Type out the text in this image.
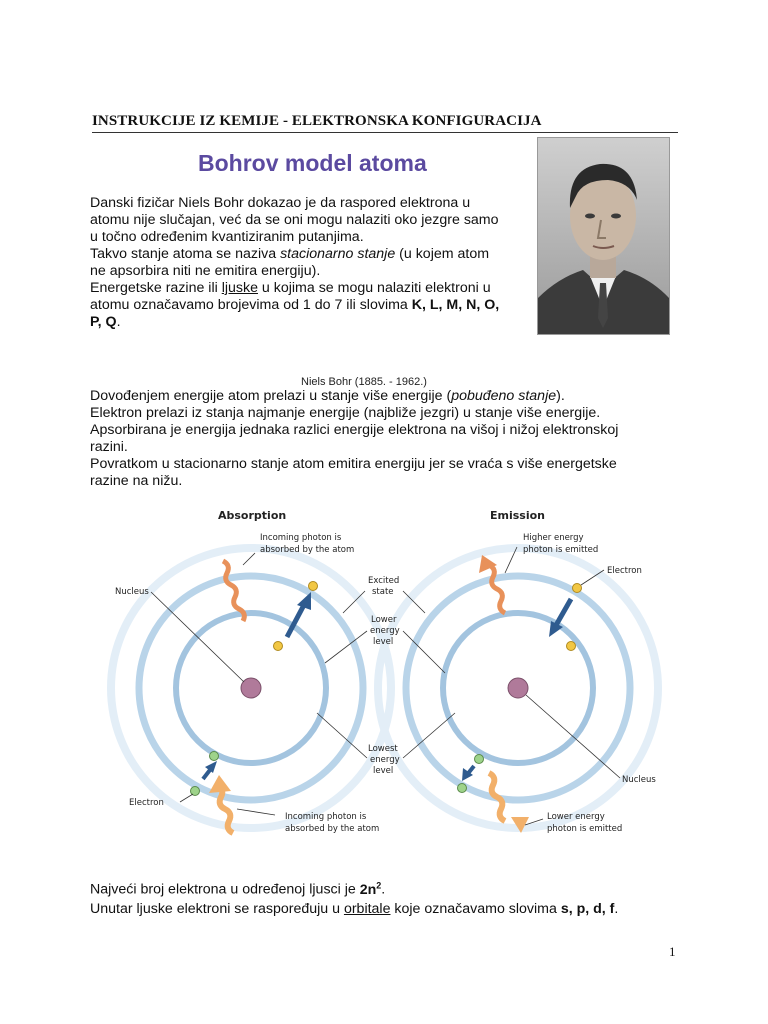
INSTRUKCIJE IZ KEMIJE - ELEKTRONSKA KONFIGURACIJA
Bohrov model atoma
Danski fizičar Niels Bohr dokazao je da raspored elektrona u
atomu nije slučajan, već da se oni mogu nalaziti oko jezgre samo
u točno određenim kvantiziranim putanjima.
Takvo stanje atoma se naziva stacionarno stanje (u kojem atom
ne apsorbira niti ne emitira energiju).
Energetske razine ili ljuske u kojima se mogu nalaziti elektroni u
atomu označavamo brojevima od 1 do 7 ili slovima K, L, M, N, O,
P, Q.
Niels Bohr (1885. - 1962.)
Dovođenjem energije atom prelazi u stanje više energije (pobuđeno stanje).
Elektron prelazi iz stanja najmanje energije (najbliže jezgri) u stanje više energije.
Apsorbirana je energija jednaka razlici energije elektrona na višoj i nižoj elektronskoj
razini.
Povratkom u stacionarno stanje atom emitira energiju jer se vraća s više energetske
razine na nižu.
Absorption	Emission
Incoming photon is
absorbed by the atom
Higher energy
photon is emitted
Electron
Nucleus
Excited
state
Lower
energy
level
Lowest
energy
level
Electron
Nucleus
Incoming photon is
absorbed by the atom
Lower energy
photon is emitted
Najveći broj elektrona u određenoj ljusci je $2n^2$.
Unutar ljuske elektroni se raspoređuju u orbitale koje označavamo slovima s, p, d, f.
1
